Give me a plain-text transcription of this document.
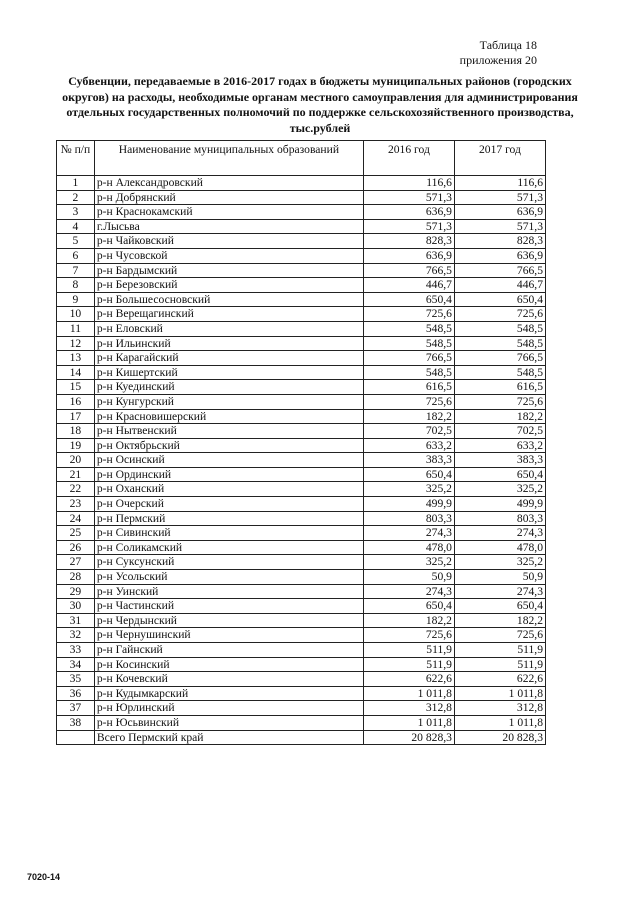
Таблица 18
приложения 20
Субвенции, передаваемые в 2016-2017 годах в бюджеты муниципальных районов (городских округов) на расходы, необходимые органам местного самоуправления для администрирования отдельных государственных полномочий по поддержке сельскохозяйственного производства, тыс.рублей
№ п/п	Наименование муниципальных образований	2016 год	2017 год
1	р-н Александровский	116,6	116,6
2	р-н Добрянский	571,3	571,3
3	р-н Краснокамский	636,9	636,9
4	г.Лысьва	571,3	571,3
5	р-н Чайковский	828,3	828,3
6	р-н Чусовской	636,9	636,9
7	р-н Бардымский	766,5	766,5
8	р-н Березовский	446,7	446,7
9	р-н Большесосновский	650,4	650,4
10	р-н Верещагинский	725,6	725,6
11	р-н Еловский	548,5	548,5
12	р-н Ильинский	548,5	548,5
13	р-н Карагайский	766,5	766,5
14	р-н Кишертский	548,5	548,5
15	р-н Куединский	616,5	616,5
16	р-н Кунгурский	725,6	725,6
17	р-н Красновишерский	182,2	182,2
18	р-н Нытвенский	702,5	702,5
19	р-н Октябрьский	633,2	633,2
20	р-н Осинский	383,3	383,3
21	р-н Ординский	650,4	650,4
22	р-н Оханский	325,2	325,2
23	р-н Очерский	499,9	499,9
24	р-н Пермский	803,3	803,3
25	р-н Сивинский	274,3	274,3
26	р-н Соликамский	478,0	478,0
27	р-н Суксунский	325,2	325,2
28	р-н Усольский	50,9	50,9
29	р-н Уинский	274,3	274,3
30	р-н Частинский	650,4	650,4
31	р-н Чердынский	182,2	182,2
32	р-н Чернушинский	725,6	725,6
33	р-н Гайнский	511,9	511,9
34	р-н Косинский	511,9	511,9
35	р-н Кочевский	622,6	622,6
36	р-н Кудымкарский	1 011,8	1 011,8
37	р-н Юрлинский	312,8	312,8
38	р-н Юсьвинский	1 011,8	1 011,8
	Всего Пермский край	20 828,3	20 828,3
7020-14
